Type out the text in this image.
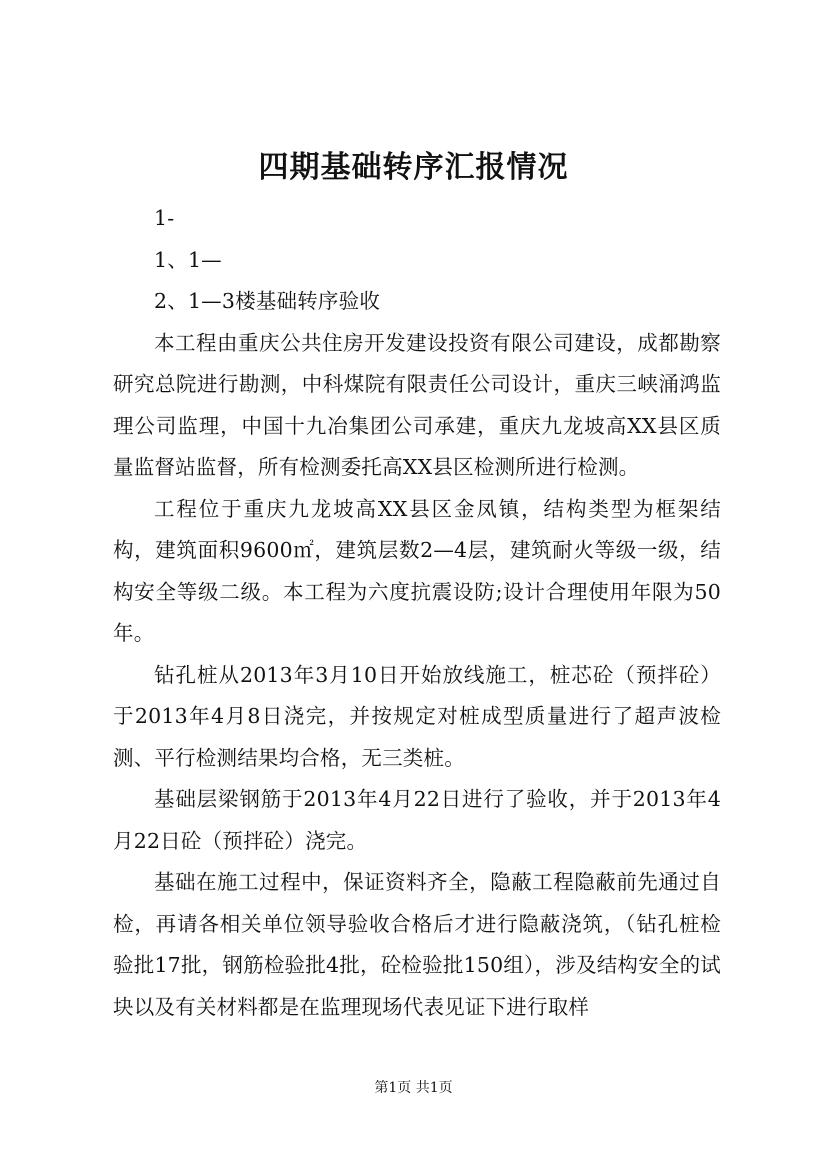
四期基础转序汇报情况

1-

1、1—

2、1—3楼基础转序验收

本工程由重庆公共住房开发建设投资有限公司建设，成都勘察研究总院进行勘测，中科煤院有限责任公司设计，重庆三峡涌鸿监理公司监理，中国十九冶集团公司承建，重庆九龙坡高XX县区质量监督站监督，所有检测委托高XX县区检测所进行检测。

工程位于重庆九龙坡高XX县区金凤镇，结构类型为框架结构，建筑面积9600㎡，建筑层数2—4层，建筑耐火等级一级，结构安全等级二级。本工程为六度抗震设防;设计合理使用年限为50年。

钻孔桩从2013年3月10日开始放线施工，桩芯砼（预拌砼）于2013年4月8日浇完，并按规定对桩成型质量进行了超声波检测、平行检测结果均合格，无三类桩。

基础层梁钢筋于2013年4月22日进行了验收，并于2013年4月22日砼（预拌砼）浇完。

基础在施工过程中，保证资料齐全，隐蔽工程隐蔽前先通过自检，再请各相关单位领导验收合格后才进行隐蔽浇筑，（钻孔桩检验批17批，钢筋检验批4批，砼检验批150组），涉及结构安全的试块以及有关材料都是在监理现场代表见证下进行取样

第1页 共1页
